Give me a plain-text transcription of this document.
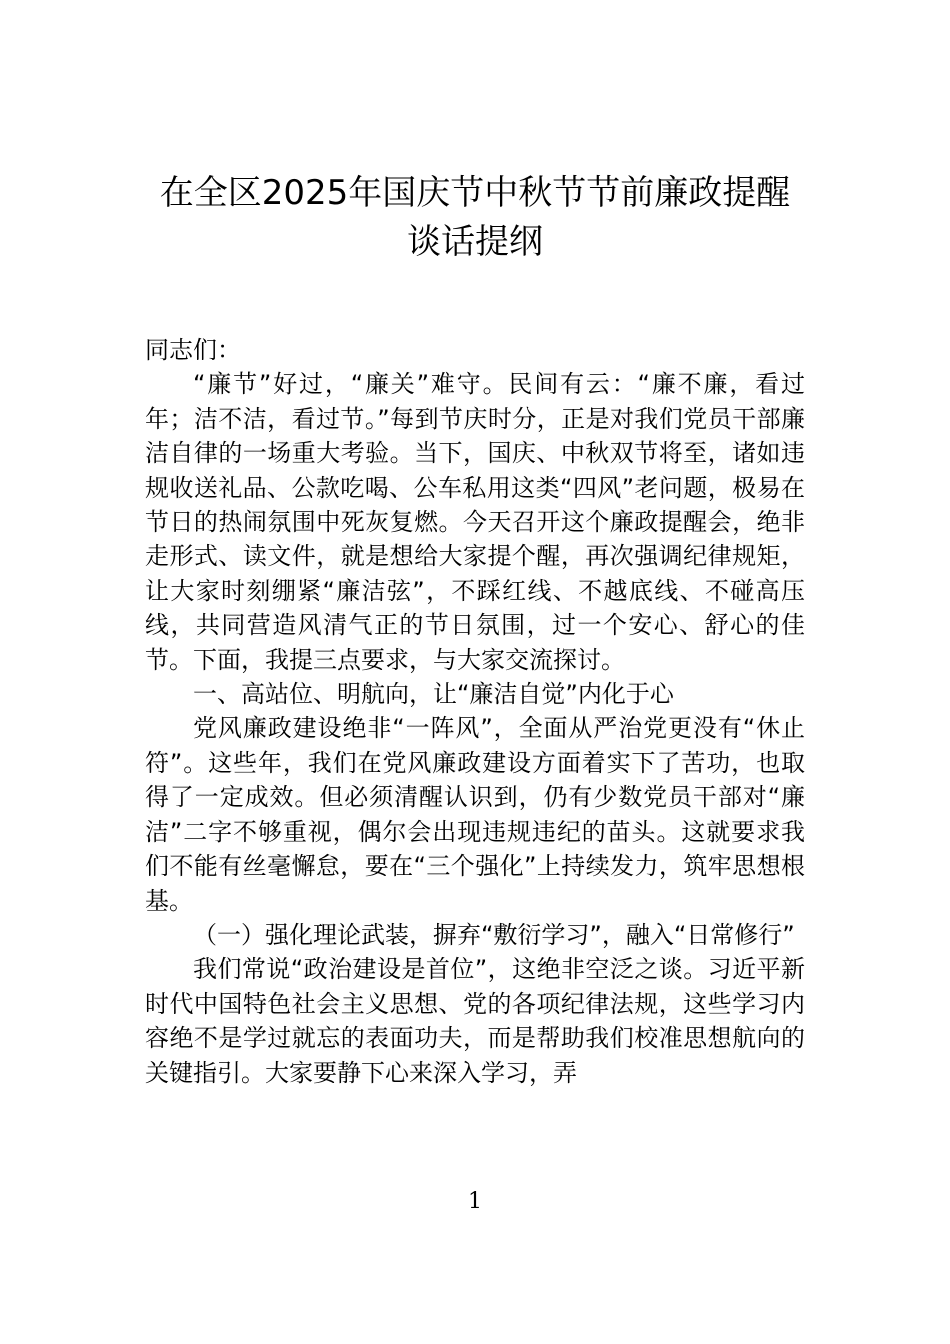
在全区2025年国庆节中秋节节前廉政提醒
谈话提纲

同志们：

“廉节”好过，“廉关”难守。民间有云：“廉不廉，看过年；洁不洁，看过节。”每到节庆时分，正是对我们党员干部廉洁自律的一场重大考验。当下，国庆、中秋双节将至，诸如违规收送礼品、公款吃喝、公车私用这类“四风”老问题，极易在节日的热闹氛围中死灰复燃。今天召开这个廉政提醒会，绝非走形式、读文件，就是想给大家提个醒，再次强调纪律规矩，让大家时刻绷紧“廉洁弦”，不踩红线、不越底线、不碰高压线，共同营造风清气正的节日氛围，过一个安心、舒心的佳节。下面，我提三点要求，与大家交流探讨。

一、高站位、明航向，让“廉洁自觉”内化于心

党风廉政建设绝非“一阵风”，全面从严治党更没有“休止符”。这些年，我们在党风廉政建设方面着实下了苦功，也取得了一定成效。但必须清醒认识到，仍有少数党员干部对“廉洁”二字不够重视，偶尔会出现违规违纪的苗头。这就要求我们不能有丝毫懈怠，要在“三个强化”上持续发力，筑牢思想根基。

（一）强化理论武装，摒弃“敷衍学习”，融入“日常修行”

我们常说“政治建设是首位”，这绝非空泛之谈。习近平新时代中国特色社会主义思想、党的各项纪律法规，这些学习内容绝不是学过就忘的表面功夫，而是帮助我们校准思想航向的关键指引。大家要静下心来深入学习，弄

1
